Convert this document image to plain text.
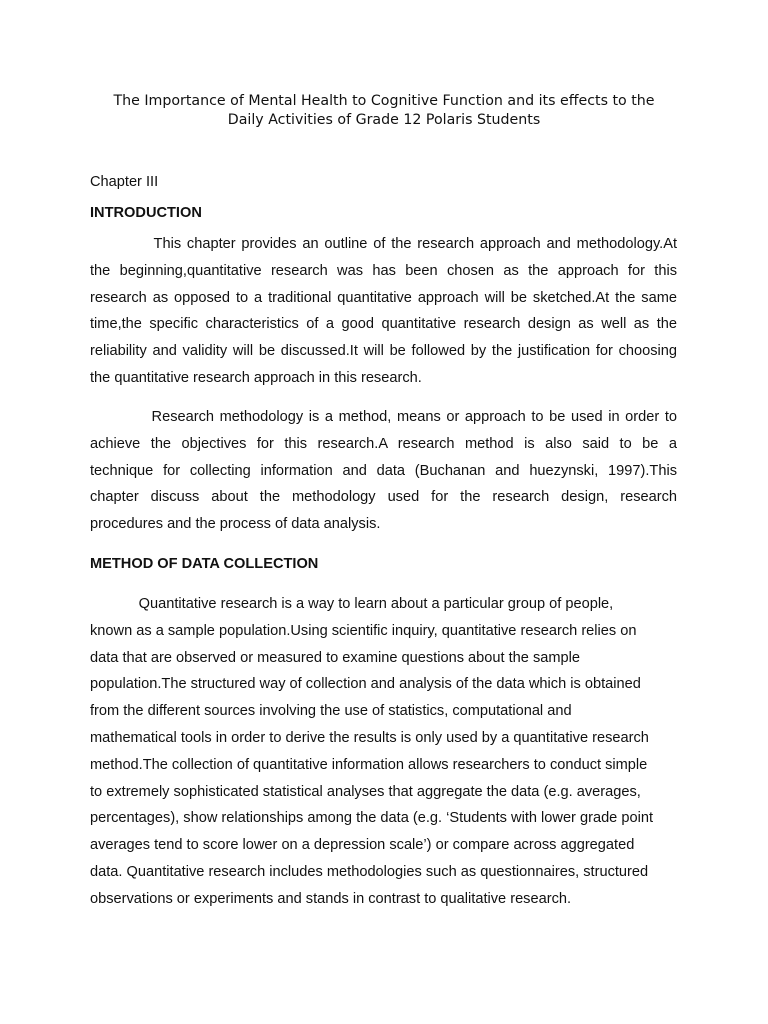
The Importance of Mental Health to Cognitive Function and its effects to the
Daily Activities of Grade 12 Polaris Students

Chapter III

INTRODUCTION

This chapter provides an outline of the research approach and methodology.At
the beginning,quantitative research was has been chosen as the approach for this
research as opposed to a traditional quantitative approach will be sketched.At the same
time,the specific characteristics of a good quantitative research design as well as the
reliability and validity will be discussed.It will be followed by the justification for choosing
the quantitative research approach in this research.

Research methodology is a method, means or approach to be used in order to
achieve the objectives for this research.A research method is also said to be a
technique for collecting information and data (Buchanan and huezynski, 1997).This
chapter discuss about the methodology used for the research design, research
procedures and the process of data analysis.

METHOD OF DATA COLLECTION

Quantitative research is a way to learn about a particular group of people,
known as a sample population.Using scientific inquiry, quantitative research relies on
data that are observed or measured to examine questions about the sample
population.The structured way of collection and analysis of the data which is obtained
from the different sources involving the use of statistics, computational and
mathematical tools in order to derive the results is only used by a quantitative research
method.The collection of quantitative information allows researchers to conduct simple
to extremely sophisticated statistical analyses that aggregate the data (e.g. averages,
percentages), show relationships among the data (e.g. ‘Students with lower grade point
averages tend to score lower on a depression scale’) or compare across aggregated
data. Quantitative research includes methodologies such as questionnaires, structured
observations or experiments and stands in contrast to qualitative research.
